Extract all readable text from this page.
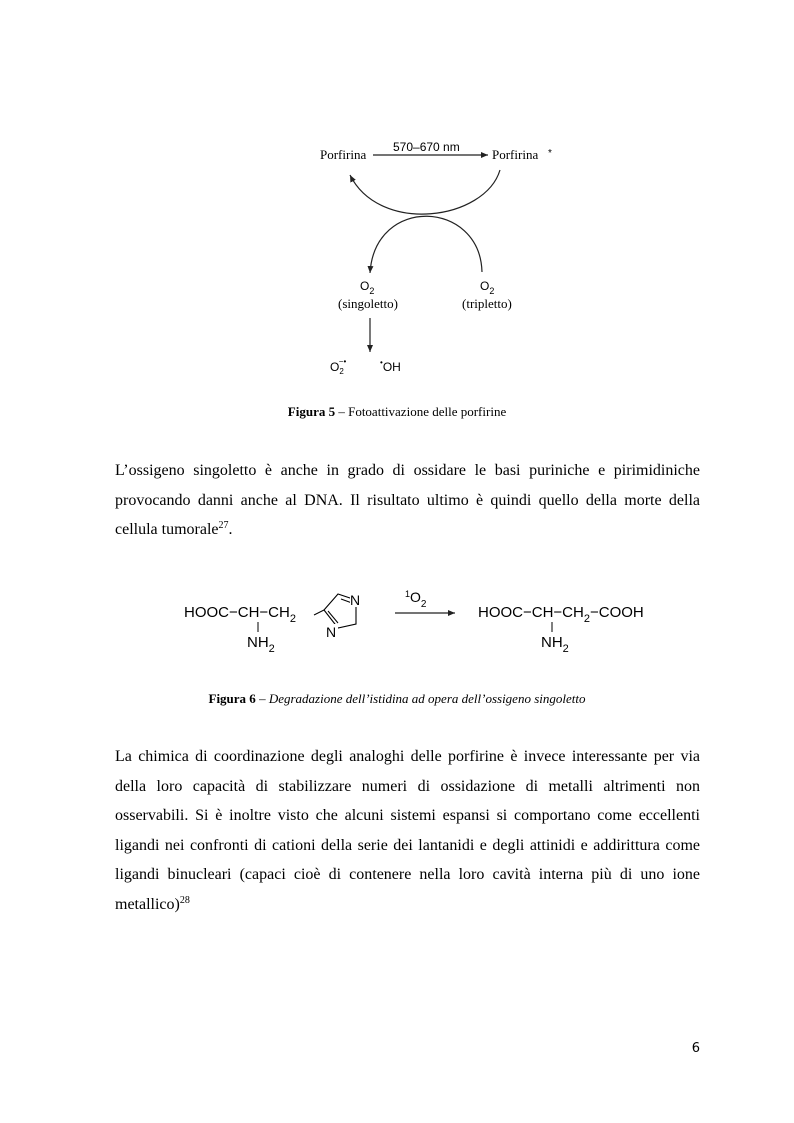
Porfirina 570–670 nm Porfirina *
$O_2$
(singoletto)
$O_2$
(tripletto)
$O_2-•$	•OH
Figura 5 – Fotoattivazione delle porfirine

L’ossigeno singoletto è anche in grado di ossidare le basi puriniche e pirimidiniche provocando danni anche al DNA. Il risultato ultimo è quindi quello della morte della cellula tumorale$^{27}$.

$HOOC-CH-CH_2$
$NH_2$
N
N
$^1O_2$	$HOOC-CH-CH_2-COOH$
$NH_2$
Figura 6 – Degradazione dell’istidina ad opera dell’ossigeno singoletto

La chimica di coordinazione degli analoghi delle porfirine è invece interessante per via della loro capacità di stabilizzare numeri di ossidazione di metalli altrimenti non osservabili. Si è inoltre visto che alcuni sistemi espansi si comportano come eccellenti ligandi nei confronti di cationi della serie dei lantanidi e degli attinidi e addirittura come ligandi binucleari (capaci cioè di contenere nella loro cavità interna più di uno ione metallico)$^{28}$

6
